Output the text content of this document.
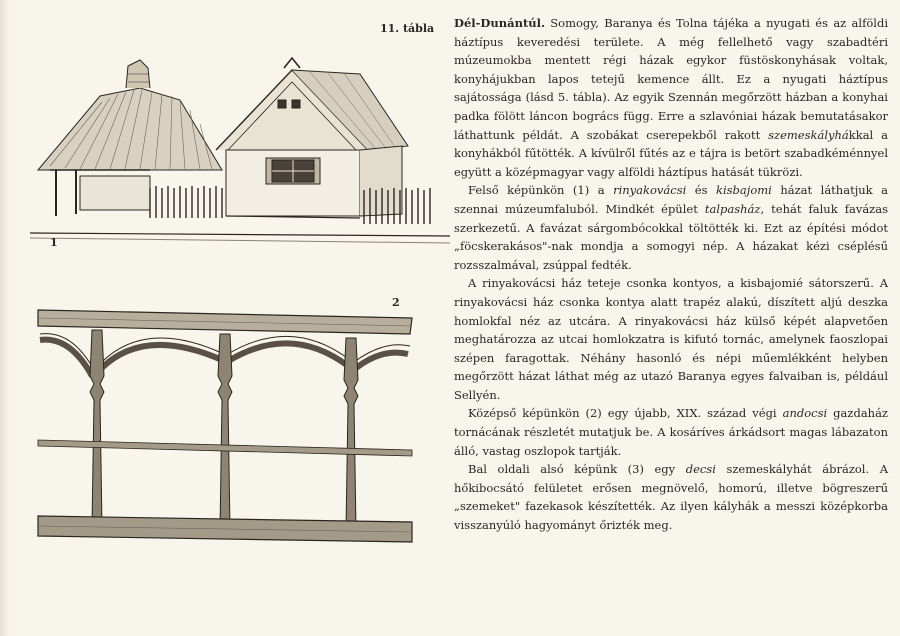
11. tábla
1
2

Dél-Dunántúl. Somogy, Baranya és Tolna tájéka a nyugati és az alföldi háztípus keveredési területe. A még fellelhető vagy szabadtéri múzeumokba mentett régi házak egykor füstöskonyhásak voltak, konyhájukban lapos tetejű kemence állt. Ez a nyugati háztípus sajátossága (lásd 5. tábla). Az egyik Szennán megőrzött házban a konyhai padka fölött láncon bogrács függ. Erre a szlavóniai házak bemutatásakor láthattunk példát. A szobákat cserepekből rakott szemeskályhákkal a konyhákból fűtötték. A kívülről fűtés az e tájra is betört szabadkéménnyel együtt a középmagyar vagy alföldi háztípus hatását tükrözi.

Felső képünkön (1) a rinyakovácsi és kisbajomi házat láthatjuk a szennai múzeumfaluból. Mindkét épület talpasház, tehát faluk favázas szerkezetű. A favázat sárgombócokkal töltötték ki. Ezt az építési módot „föcskerakásos"-nak mondja a somogyi nép. A házakat kézi cséplésű rozsszalmával, zsúppal fedték.

A rinyakovácsi ház teteje csonka kontyos, a kisbajomié sátorszerű. A rinyakovácsi ház csonka kontya alatt trapéz alakú, díszített aljú deszka homlokfal néz az utcára. A rinyakovácsi ház külső képét alapvetően meghatározza az utcai homlokzatra is kifutó tornác, amelynek faoszlopai szépen faragottak. Néhány hasonló és népi műemlékként helyben megőrzött házat láthat még az utazó Baranya egyes falvaiban is, például Sellyén.

Középső képünkön (2) egy újabb, XIX. század végi andocsi gazdaház tornácának részletét mutatjuk be. A kosáríves árkádsort magas lábazaton álló, vastag oszlopok tartják.

Bal oldali alsó képünk (3) egy decsi szemeskályhát ábrázol. A hőkibocsátó felületet erősen megnövelő, homorú, illetve bögreszerű „szemeket" fazekasok készítették. Az ilyen kályhák a messzi középkorba visszanyúló hagyományt őrizték meg.
